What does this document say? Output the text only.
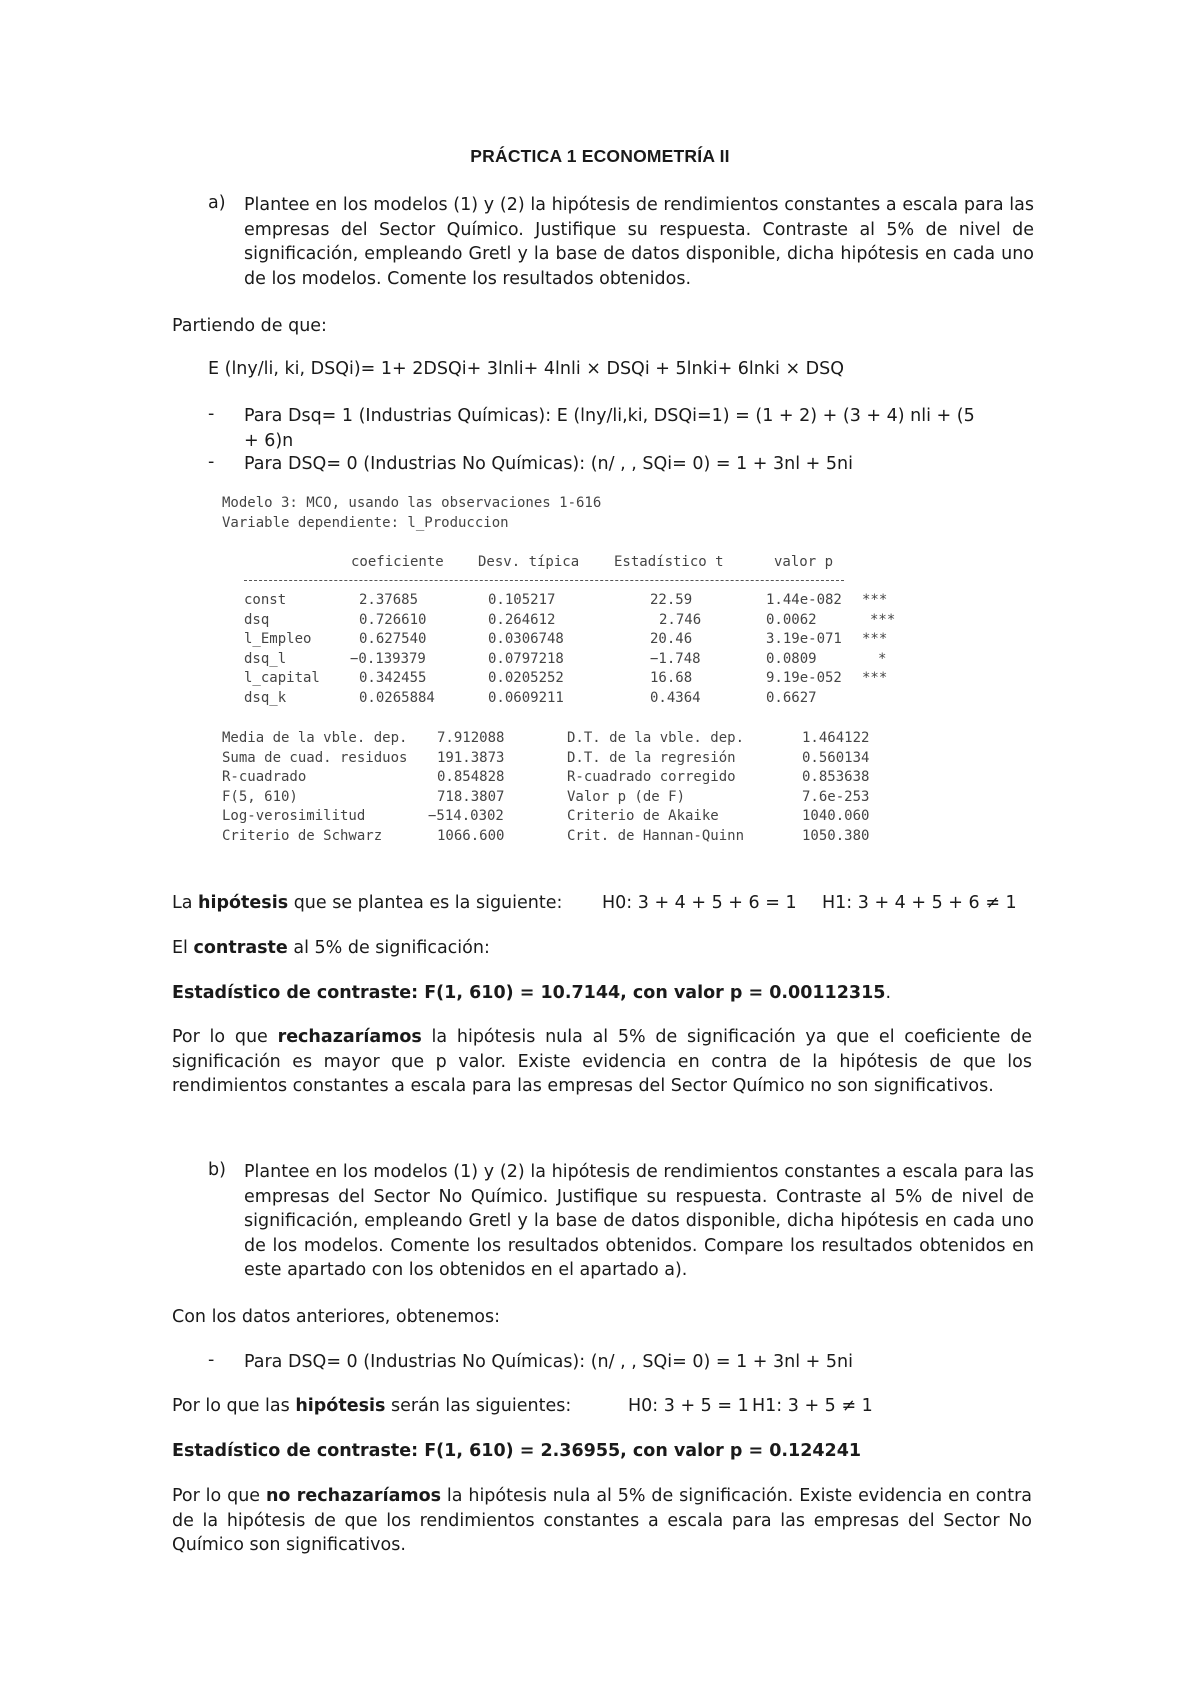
PRÁCTICA 1 ECONOMETRÍA II
a)	Plantee en los modelos (1) y (2) la hipótesis de rendimientos constantes a escala para las empresas del Sector Químico. Justifique su respuesta. Contraste al 5% de nivel de significación, empleando Gretl y la base de datos disponible, dicha hipótesis en cada uno de los modelos. Comente los resultados obtenidos.
Partiendo de que:
E (lny/li, ki, DSQi)= 1+ 2DSQi+ 3lnli+ 4lnli × DSQi + 5lnki+ 6lnki × DSQ
-	Para Dsq= 1 (Industrias Químicas): E (lny/li,ki, DSQi=1) = (1 + 2) + (3 + 4) nli + (5
+ 6)n
-	Para DSQ= 0 (Industrias No Químicas): (n/ , , SQi= 0) = 1 + 3nl + 5ni
Modelo 3: MCO, usando las observaciones 1-616
Variable dependiente: l_Produccion
coeficiente Desv. típica Estadístico t	valor p
const	2.37685	0.105217	22.59	1.44e-082 ***
dsq	0.726610	0.264612	2.746	0.0062	***
l_Empleo	0.627540	0.0306748	20.46	3.19e-071 ***
dsq_l	−0.139379	0.0797218	−1.748	0.0809	*
l_capital	0.342455	0.0205252	16.68	9.19e-052 ***
dsq_k	0.0265884	0.0609211	0.4364	0.6627
Media de la vble. dep. 7.912088	D.T. de la vble. dep.	1.464122
Suma de cuad. residuos 191.3873	D.T. de la regresión	0.560134
R-cuadrado	0.854828	R-cuadrado corregido	0.853638
F(5, 610)	718.3807	Valor p (de F)	7.6e-253
Log-verosimilitud	−514.0302	Criterio de Akaike	1040.060
Criterio de Schwarz	1066.600	Crit. de Hannan-Quinn	1050.380
La hipótesis que se plantea es la siguiente: H0: 3 + 4 + 5 + 6 = 1 H1: 3 + 4 + 5 + 6 ≠ 1
El contraste al 5% de significación:
Estadístico de contraste: F(1, 610) = 10.7144, con valor p = 0.00112315.
Por lo que rechazaríamos la hipótesis nula al 5% de significación ya que el coeficiente de significación es mayor que p valor. Existe evidencia en contra de la hipótesis de que los rendimientos constantes a escala para las empresas del Sector Químico no son significativos.
b)	Plantee en los modelos (1) y (2) la hipótesis de rendimientos constantes a escala para las empresas del Sector No Químico. Justifique su respuesta. Contraste al 5% de nivel de significación, empleando Gretl y la base de datos disponible, dicha hipótesis en cada uno de los modelos. Comente los resultados obtenidos. Compare los resultados obtenidos en este apartado con los obtenidos en el apartado a).
Con los datos anteriores, obtenemos:
-	Para DSQ= 0 (Industrias No Químicas): (n/ , , SQi= 0) = 1 + 3nl + 5ni
Por lo que las hipótesis serán las siguientes:	H0: 3 + 5 = 1 H1: 3 + 5 ≠ 1
Estadístico de contraste: F(1, 610) = 2.36955, con valor p = 0.124241
Por lo que no rechazaríamos la hipótesis nula al 5% de significación. Existe evidencia en contra de la hipótesis de que los rendimientos constantes a escala para las empresas del Sector No Químico son significativos.
